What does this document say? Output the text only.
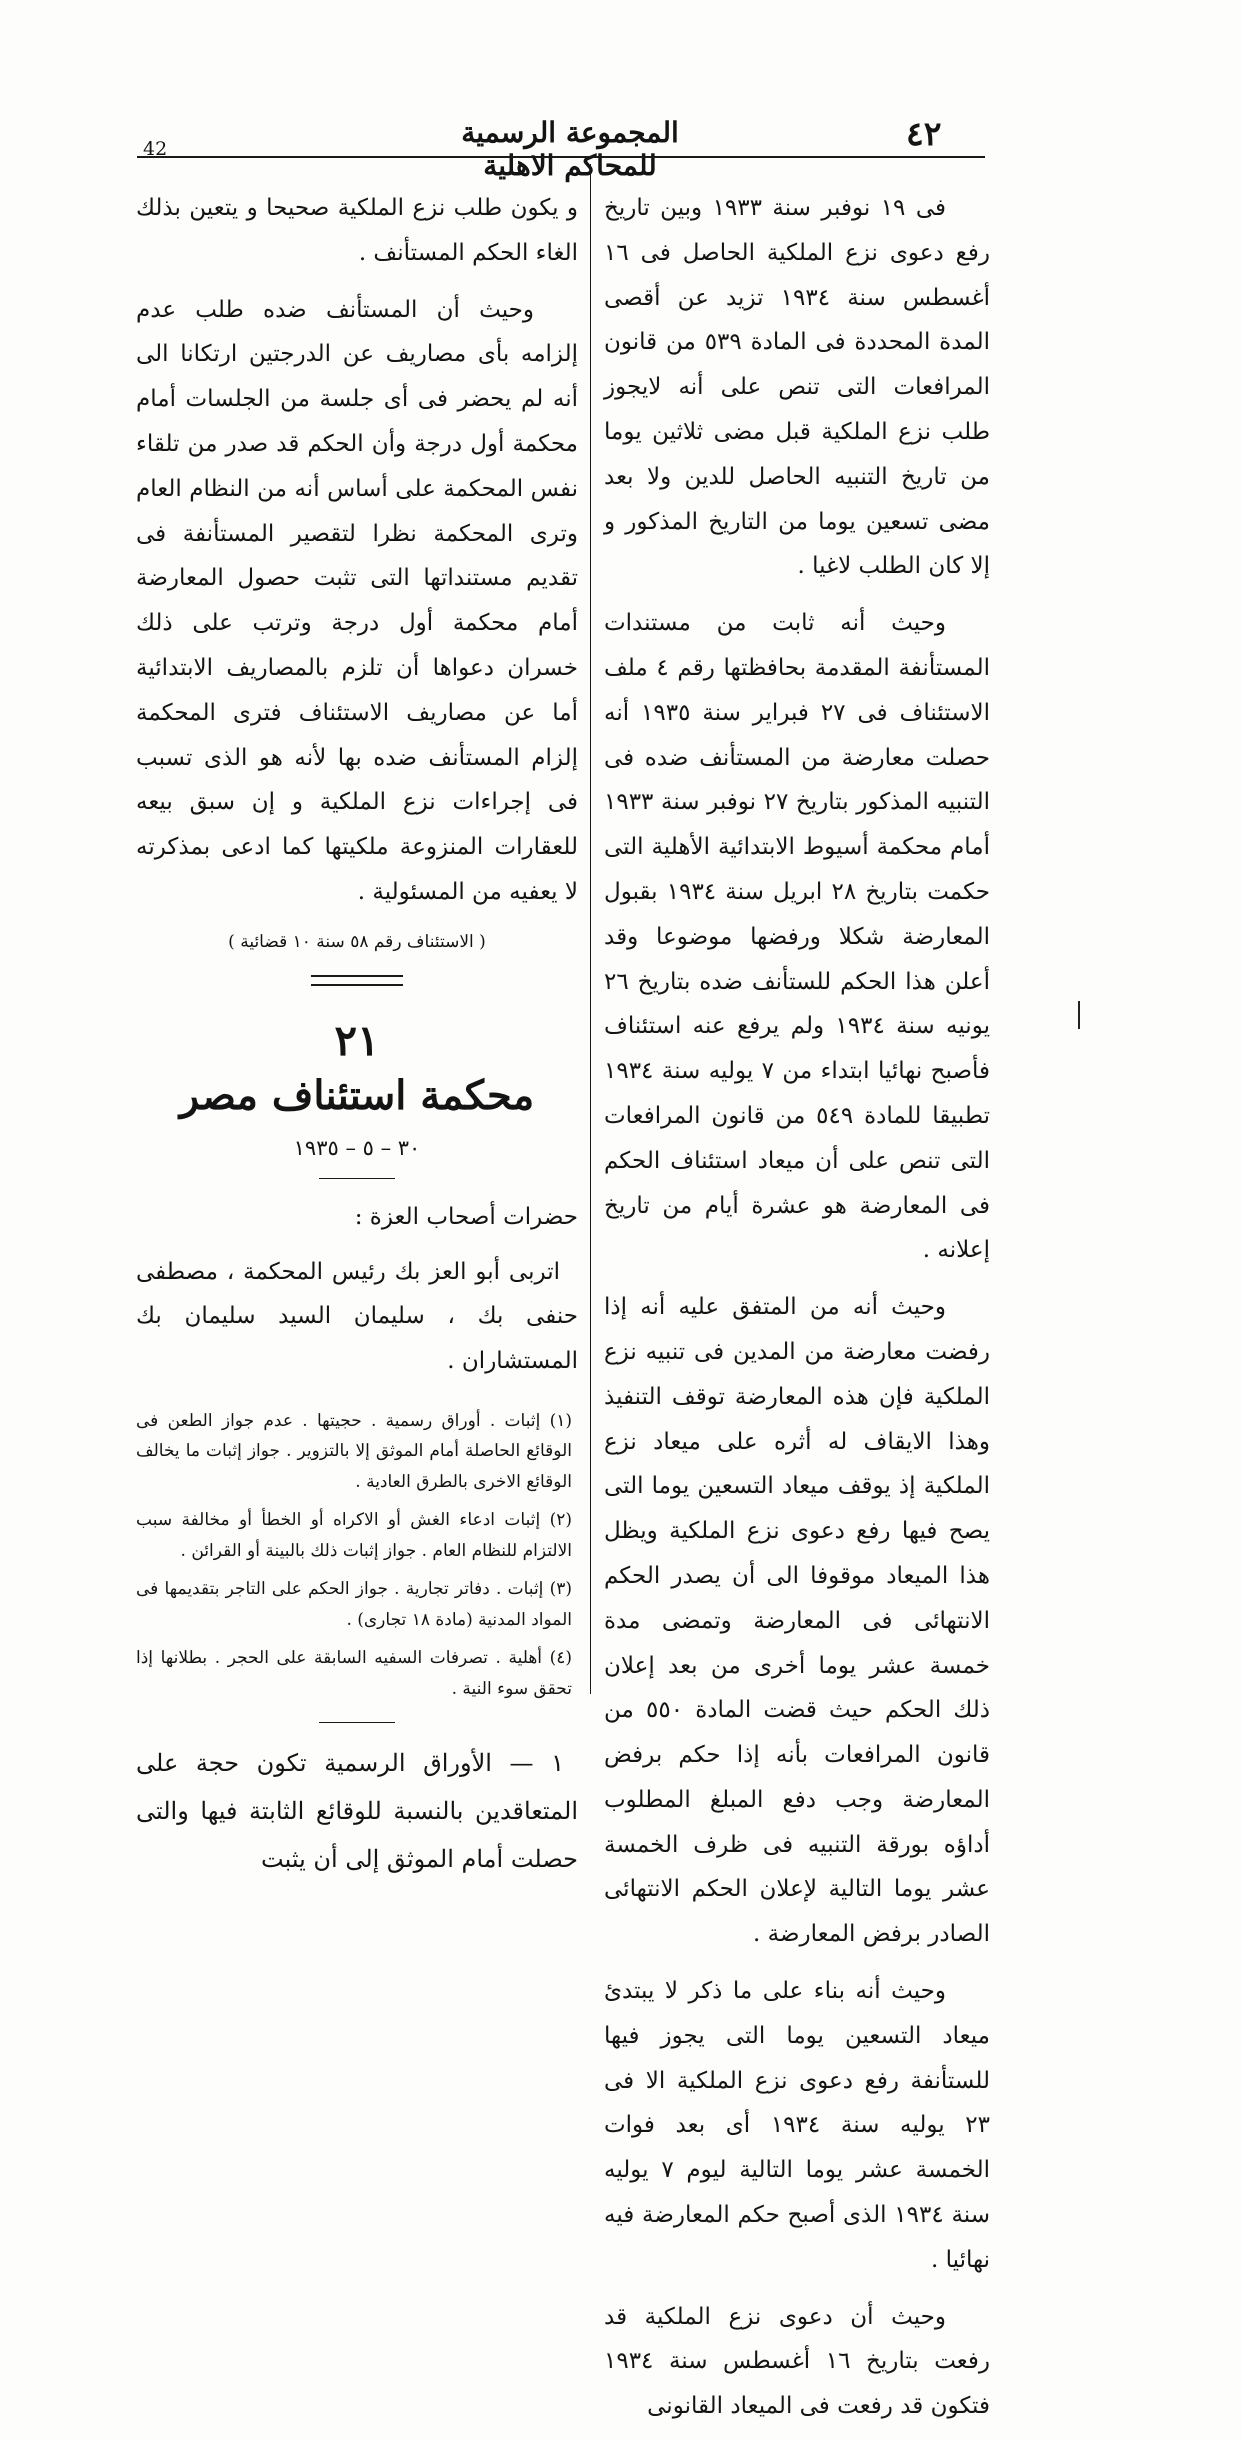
42	المجموعة الرسمية للمحاكم الاهلية
٤٢

فى ١٩ نوفبر سنة ١٩٣٣ وبين تاريخ رفع دعوى نزع الملكية الحاصل فى ١٦ أغسطس سنة ١٩٣٤ تزيد عن أقصى المدة المحددة فى المادة ٥٣٩ من قانون المرافعات التى تنص على أنه لايجوز طلب نزع الملكية قبل مضى ثلاثين يوما من تاريخ التنبيه الحاصل للدين ولا بعد مضى تسعين يوما من التاريخ المذكور و إلا كان الطلب لاغيا .

وحيث أنه ثابت من مستندات المستأنفة المقدمة بحافظتها رقم ٤ ملف الاستئناف فى ٢٧ فبراير سنة ١٩٣٥ أنه حصلت معارضة من المستأنف ضده فى التنبيه المذكور بتاريخ ٢٧ نوفبر سنة ١٩٣٣ أمام محكمة أسيوط الابتدائية الأهلية التى حكمت بتاريخ ٢٨ ابريل سنة ١٩٣٤ بقبول المعارضة شكلا ورفضها موضوعا وقد أعلن هذا الحكم للستأنف ضده بتاريخ ٢٦ يونيه سنة ١٩٣٤ ولم يرفع عنه استئناف فأصبح نهائيا ابتداء من ٧ يوليه سنة ١٩٣٤ تطبيقا للمادة ٥٤٩ من قانون المرافعات التى تنص على أن ميعاد استئناف الحكم فى المعارضة هو عشرة أيام من تاريخ إعلانه .

وحيث أنه من المتفق عليه أنه إذا رفضت معارضة من المدين فى تنبيه نزع الملكية فإن هذه المعارضة توقف التنفيذ وهذا الايقاف له أثره على ميعاد نزع الملكية إذ يوقف ميعاد التسعين يوما التى يصح فيها رفع دعوى نزع الملكية ويظل هذا الميعاد موقوفا الى أن يصدر الحكم الانتهائى فى المعارضة وتمضى مدة خمسة عشر يوما أخرى من بعد إعلان ذلك الحكم حيث قضت المادة ٥٥٠ من قانون المرافعات بأنه إذا حكم برفض المعارضة وجب دفع المبلغ المطلوب أداؤه بورقة التنبيه فى ظرف الخمسة عشر يوما التالية لإعلان الحكم الانتهائى الصادر برفض المعارضة .

وحيث أنه بناء على ما ذكر لا يبتدئ ميعاد التسعين يوما التى يجوز فيها للستأنفة رفع دعوى نزع الملكية الا فى ٢٣ يوليه سنة ١٩٣٤ أى بعد فوات الخمسة عشر يوما التالية ليوم ٧ يوليه سنة ١٩٣٤ الذى أصبح حكم المعارضة فيه نهائيا .

وحيث أن دعوى نزع الملكية قد رفعت بتاريخ ١٦ أغسطس سنة ١٩٣٤ فتكون قد رفعت فى الميعاد القانونى

و يكون طلب نزع الملكية صحيحا و يتعين بذلك الغاء الحكم المستأنف .

وحيث أن المستأنف ضده طلب عدم إلزامه بأى مصاريف عن الدرجتين ارتكانا الى أنه لم يحضر فى أى جلسة من الجلسات أمام محكمة أول درجة وأن الحكم قد صدر من تلقاء نفس المحكمة على أساس أنه من النظام العام وترى المحكمة نظرا لتقصير المستأنفة فى تقديم مستنداتها التى تثبت حصول المعارضة أمام محكمة أول درجة وترتب على ذلك خسران دعواها أن تلزم بالمصاريف الابتدائية أما عن مصاريف الاستئناف فترى المحكمة إلزام المستأنف ضده بها لأنه هو الذى تسبب فى إجراءات نزع الملكية و إن سبق بيعه للعقارات المنزوعة ملكيتها كما ادعى بمذكرته لا يعفيه من المسئولية .

( الاستئناف رقم ٥٨ سنة ١٠ قضائية )

٢١
محكمة استئناف مصر
٣٠ – ٥ – ١٩٣٥

حضرات أصحاب العزة :

اتربى أبو العز بك رئيس المحكمة ، مصطفى حنفى بك ، سليمان السيد سليمان بك المستشاران .

(١) إثبات . أوراق رسمية . حجيتها . عدم جواز الطعن فى الوقائع الحاصلة أمام الموثق إلا بالتزوير . جواز إثبات ما يخالف الوقائع الاخرى بالطرق العادية .

(٢) إثبات ادعاء الغش أو الاكراه أو الخطأ أو مخالفة سبب الالتزام للنظام العام . جواز إثبات ذلك بالبينة أو القرائن .

(٣) إثبات . دفاتر تجارية . جواز الحكم على التاجر بتقديمها فى المواد المدنية (مادة ١٨ تجارى) .

(٤) أهلية . تصرفات السفيه السابقة على الحجر . بطلانها إذا تحقق سوء النية .

١ — الأوراق الرسمية تكون حجة على المتعاقدين بالنسبة للوقائع الثابتة فيها والتى حصلت أمام الموثق إلى أن يثبت
